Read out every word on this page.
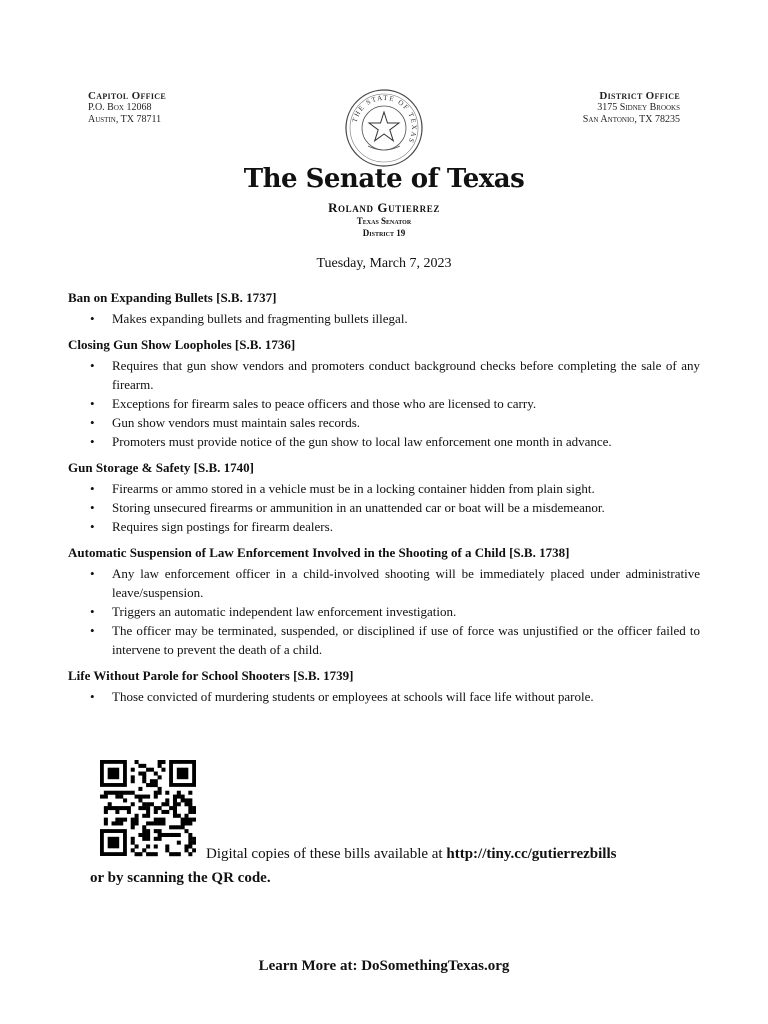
Capitol Office
P.O. Box 12068
Austin, TX 78711	THE STATE OF TEXAS
District Office
3175 Sidney Brooks
San Antonio, TX 78235
The Senate of Texas
Roland Gutierrez
Texas Senator
District 19
Tuesday, March 7, 2023
Ban on Expanding Bullets [S.B. 1737]
• Makes expanding bullets and fragmenting bullets illegal.
Closing Gun Show Loopholes [S.B. 1736]
• Requires that gun show vendors and promoters conduct background checks before completing the sale of any firearm.
• Exceptions for firearm sales to peace officers and those who are licensed to carry.
• Gun show vendors must maintain sales records.
• Promoters must provide notice of the gun show to local law enforcement one month in advance.
Gun Storage & Safety [S.B. 1740]
• Firearms or ammo stored in a vehicle must be in a locking container hidden from plain sight.
• Storing unsecured firearms or ammunition in an unattended car or boat will be a misdemeanor.
• Requires sign postings for firearm dealers.
Automatic Suspension of Law Enforcement Involved in the Shooting of a Child [S.B. 1738]
• Any law enforcement officer in a child-involved shooting will be immediately placed under administrative leave/suspension.
• Triggers an automatic independent law enforcement investigation.
• The officer may be terminated, suspended, or disciplined if use of force was unjustified or the officer failed to intervene to prevent the death of a child.
Life Without Parole for School Shooters [S.B. 1739]
• Those convicted of murdering students or employees at schools will face life without parole.
Digital copies of these bills available at http://tiny.cc/gutierrezbills
or by scanning the QR code.
Learn More at: DoSomethingTexas.org
